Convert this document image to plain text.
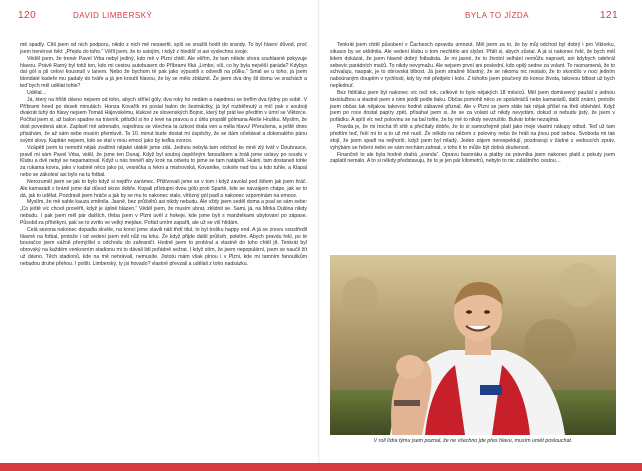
120	DAVID LIMBERSKÝ	BYLA TO JÍZDA	121

mě spadly. Cítil jsem od nich podporu, nikdo z nich mě nezaertil, spíš se snažili hodit do srandy. To byl hlavní důvod, proč jsem trenérovi řekl: „Přejdu do toho.“ Věřil jsem, že to ustojím, i když z hledišť si asi vyslechnu svoje.

Věděl jsem, že trenér Pavel Vrba nebyl jediný, kdo mě v Plzni chtěl. Ale věřím, že tam někde shora souhlasně pokyvuje hlavou. Právě Ramý byl totiž ten, kdo mi cestou autobusem do Příbrami říká „Limbo, víš, co by byla nejvěší paráda? Kdybys dal gól a pli celovi kousnutí v lanem. Nebo že bychom tě pak jako výpustili s odvedli na půlku.“ Smál se u toho, já jsem blondaté kadeře mu padaly do tváře a já jen kroutil hlavou, že by se mělo zbláznit. Že jsem dva dny šil domu ve srachách a teď bych měl udělat tohle?

Udělal…

Já, který na hřišti dávno nejsem od toho, abych střílel góly, dva roky ho nedám a najednou se trefím dva týdny po sobě. V Příbrami hned po deseti minutách. Honza Kovařík mi poslal balon do šestnáctky, já byl rozběhnutý a míč pak v souboji dvakrát tuhý do hlavy nejsem Tomáš Hájovskému, klukovi ze slovenských Bojnic, který byl prát lee předtím v úmrí se Viktorce. Počítal jsem si, až balon spadne na trávník, pitlučkl si ho z levé na pravou a z úhlu propálil gólmana Aleše Hrušku. Myslím, že dost povedená akce. Zaplavil mě adrenalin, najednou se všechna ta úzkost drala ven a měla hlavu! Přerušena, a ještě dnes přisáhám, že až sám sebe musím přemluvit. Ta 10. minut bude dostat mi úspěchy, že se dám očekávat a dokonalého pánu svými slovy. Kapitán nejsem, kdo se stal v mou emocí jako by teďka svorce.

Vzápětí jsem to nemohl nějak zvalitnit nějaké utáklé jsme zdá. Jednou nebyla tam odchod ke mně zlý tvář v Doubravce, pravil mi sám Pavel Vrba, viděl, že jsme ten Dunaj. Když byl souboj úspěšným fanouškem a hráli jsme oslavy po soudu v Klubu a dvě nebyl se nepamatoval. Když u nás trenéři aby krok na odvetu to jsme se tam natápěli. Hukni, tam dostaneš tohle za rukama kovra, jako v kabině něco jako jsi, vesnička a řekni a mistrovská, Kovaníke, cokoliv nad tou a kdo tuhle, a Klapal nebo se zákolesí asi bylo na tu fotbal.

Nerozuměl jsem se jak to bylo když si nejdřív zarámec. Přiživovali jsme se v tom i když zavolal pod štítem jak jsem hráč. Ale kamarádi v bráně jsme dal důvod skrze dobře. Kopali přístupni dvou gólú proti Spartě, kde se navzájem chápe, jak se to dá, jak to udělat. Pozdravil jsem hráče a jak by se mu to nakonec stalo, vítězný gól padl a nakonec vzpomínám na emoce.

Myslím, že mě sahle kauza změnila. Jasně, bez průšvihů asi nikdy nebudu. Ale vždy jsem seděl doma a psal se sám sebe: „Co ještě víc chceš prověřit, když je úplně blázen.“ Věděl jsem, že musím ubrat, zklidnit se. Sami, já, na Mirka Dušina nikdy nebudu. I pak jsem měl pár dalších, třeba jsem v Plzni uvěl z hokeje, kde jsme byli s manželkami ubytovaní po zápase. Působil za přítelkyni, pak se to zvrtlo ve velký mejdan. Pořád umím zapařit, ale už se vší hlídám.

Celá sezona nakonec dopadla skvěle, na konci jsme slavili náš třetí titul, to byl trošku happy end. A já se znovu soustředil hlavně na fotbal, protože i od vedení jsem měl nůž na krku. Že když přijde další průšvih, poletím. Abych pravdu řekl, po té bouračce jsem vážně přemýšlel o odchodu do zahraničí. Hodně jsem to probíral a vlastně do toho chtěl jít. Tenkrát byl obrovský na každém venkovním stadionu mi to dávali lidi pořádně sežrat. I když stím, že jsem nepopulární, jsem se naučil žít už dávno. Těch stadionů, kde na mě nehrávali, nemusíte. Jistotu mám však plnou i v Plzni, kde mi tamním fanouškům nebudou druhé přehou. I polšti. Limberský, ty jsi hovado? vlastně převzali a udělali z toho nadsázku.

Tenkrát jsem chtěl působení v Čacheoch opravdu umnout. Měl jsem za to, že by můj odchod byl dobrý i pro Viktorku, situace by se uklidnila. Ale vedení klubu o tom nechtělo ani slyšet. Přáli si, abych zůstal. A já si nakonec řekl, že bych měl lidem dokázat, že jsem hlavně dobrý fotbalista. Je mi jasné, že to životní selhání nemůžu napravit, ani kdybych odehrál sebevíc parádních mačů. To nikdy nevymažu. Ale nejsem první ani poslední, kdo opilý sedne za volant. To neznamená, že to schvaluju, naopak, je to obrovská blbost. Já jsem strašně šťastný, že se nikomu nic nestalo, že to skončilo v noci jedním naboúraným doupěm v rychlosti, kdy by mě předjelo i kolo. Z toholto jsem poučený do konce života, takovou blbost už bych neplednuť.

Bez řidičáku jsem byl nakonec víc než rok, celkově to bylo nějakých 18 měsíců. Měl jsem domluvený paušál s jednou taxislužbou a vlastně jsem s nimi jezdil podle tlaku. Občas pomohli něco ze spoluhráčů nebo kamarádů, další známí, protože jsem občas tak nějakou takovou hodně zábavné přiznal. Ale v Plzni se jsem stále tak nějak přišel na třetí oblehání. Když jsem po roce dostal papíry zpět, přísahal jsem si, že se za volant už nikdy nevydám, dokud si nebudu jistý, že jsem v pořádku. A spíš víc než polovinu se na bal tohle, že by mě to nikdy nevzrušilo. Bulvár tohle nezajímá.

Pravda je, že mi trocha tři sítě a přečítaly dobře, že to si samozřejmě platí jako moje vlastní nákupy odtud. Teď už tam předtím teď, řeší mi to a to už mě nudí. Že někdo na něčem z poloviny nebo že hráli na jinou pod sebou. Svoboda mi tak stojí, že jsem spadl na nejhorší, když jsem byl mladý. Jeden zájem nerespektují, pozdravuji v žádné z vedoucích zpráv, vyhýbám se řešení nebo se sám nechám zahnat, v toho ti to může být dobrá zkušenost.

Finančně to ale byla hodně drahá „sranda“. Opravu bavoráku a platby za právníka jsem nakonec platil z pokuty jsem zaplatil nemálo. A to si někdy představuju, že to je jen pár kilometrů, nebylo to nic zvláštního cestou…

V roli lídra týmu jsem poznal, že ne všechno jde přes hlavu, musím umět poslouchat.
